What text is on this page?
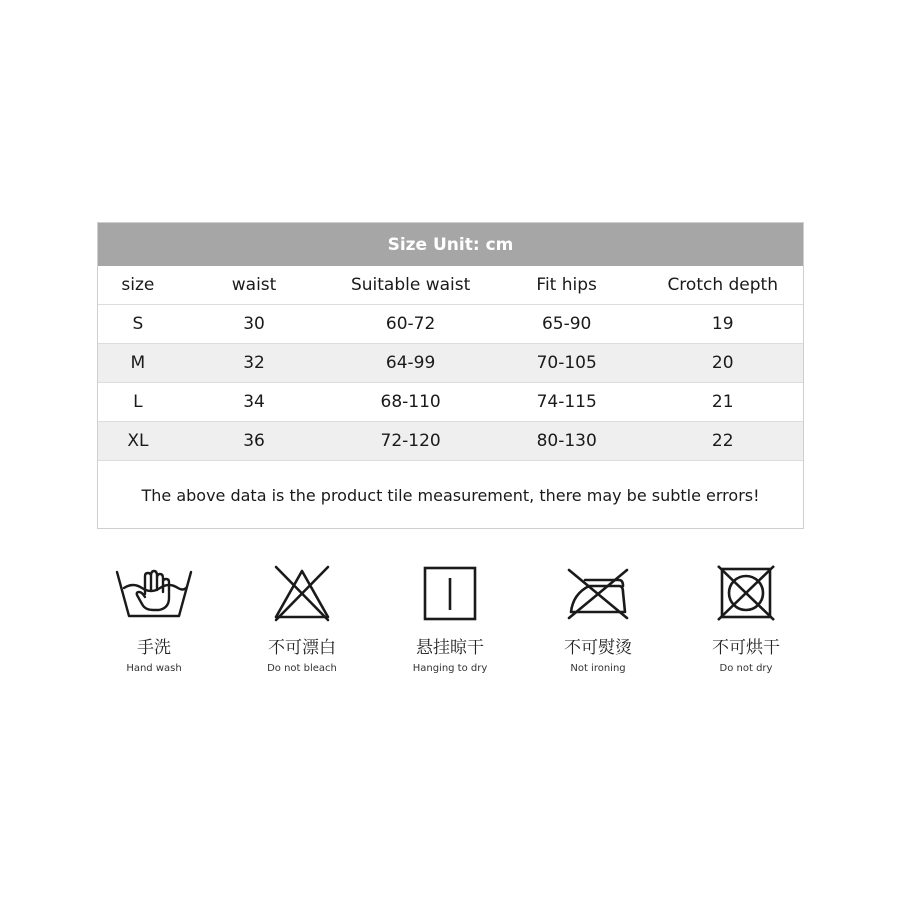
Size Unit: cm
size	waist	Suitable waist	Fit hips	Crotch depth
S	30	60-72	65-90	19
M	32	64-99	70-105	20
L	34	68-110	74-115	21
XL	36	72-120	80-130	22
The above data is the product tile measurement, there may be subtle errors!
手洗
Hand wash
不可漂白
Do not bleach
悬挂晾干
Hanging to dry
不可熨烫
Not ironing
不可烘干
Do not dry
